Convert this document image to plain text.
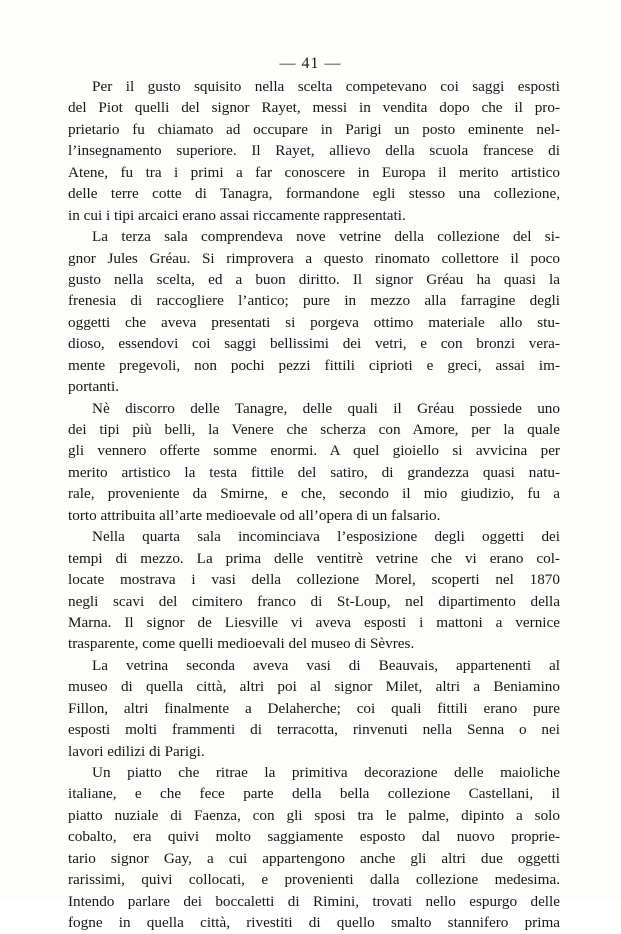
— 41 —
Per il gusto squisito nella scelta competevano coi saggi esposti
del Piot quelli del signor Rayet, messi in vendita dopo che il pro-
prietario fu chiamato ad occupare in Parigi un posto eminente nel-
l’insegnamento superiore. Il Rayet, allievo della scuola francese di
Atene, fu tra i primi a far conoscere in Europa il merito artistico
delle terre cotte di Tanagra, formandone egli stesso una collezione,
in cui i tipi arcaici erano assai riccamente rappresentati.
La terza sala comprendeva nove vetrine della collezione del si-
gnor Jules Gréau. Si rimprovera a questo rinomato collettore il poco
gusto nella scelta, ed a buon diritto. Il signor Gréau ha quasi la
frenesia di raccogliere l’antico; pure in mezzo alla farragine degli
oggetti che aveva presentati si porgeva ottimo materiale allo stu-
dioso, essendovi coi saggi bellissimi dei vetri, e con bronzi vera-
mente pregevoli, non pochi pezzi fittili ciprioti e greci, assai im-
portanti.
Nè discorro delle Tanagre, delle quali il Gréau possiede uno
dei tipi più belli, la Venere che scherza con Amore, per la quale
gli vennero offerte somme enormi. A quel gioiello si avvicina per
merito artistico la testa fittile del satiro, di grandezza quasi natu-
rale, proveniente da Smirne, e che, secondo il mio giudizio, fu a
torto attribuita all’arte medioevale od all’opera di un falsario.
Nella quarta sala incominciava l’esposizione degli oggetti dei
tempi di mezzo. La prima delle ventitrè vetrine che vi erano col-
locate mostrava i vasi della collezione Morel, scoperti nel 1870
negli scavi del cimitero franco di St-Loup, nel dipartimento della
Marna. Il signor de Liesville vi aveva esposti i mattoni a vernice
trasparente, come quelli medioevali del museo di Sèvres.
La vetrina seconda aveva vasi di Beauvais, appartenenti al
museo di quella città, altri poi al signor Milet, altri a Beniamino
Fillon, altri finalmente a Delaherche; coi quali fittili erano pure
esposti molti frammenti di terracotta, rinvenuti nella Senna o nei
lavori edilizi di Parigi.
Un piatto che ritrae la primitiva decorazione delle maioliche
italiane, e che fece parte della bella collezione Castellani, il
piatto nuziale di Faenza, con gli sposi tra le palme, dipinto a solo
cobalto, era quivi molto saggiamente esposto dal nuovo proprie-
tario signor Gay, a cui appartengono anche gli altri due oggetti
rarissimi, quivi collocati, e provenienti dalla collezione medesima.
Intendo parlare dei boccaletti di Rimini, trovati nello espurgo delle
fogne in quella città, rivestiti di quello smalto stannifero prima
